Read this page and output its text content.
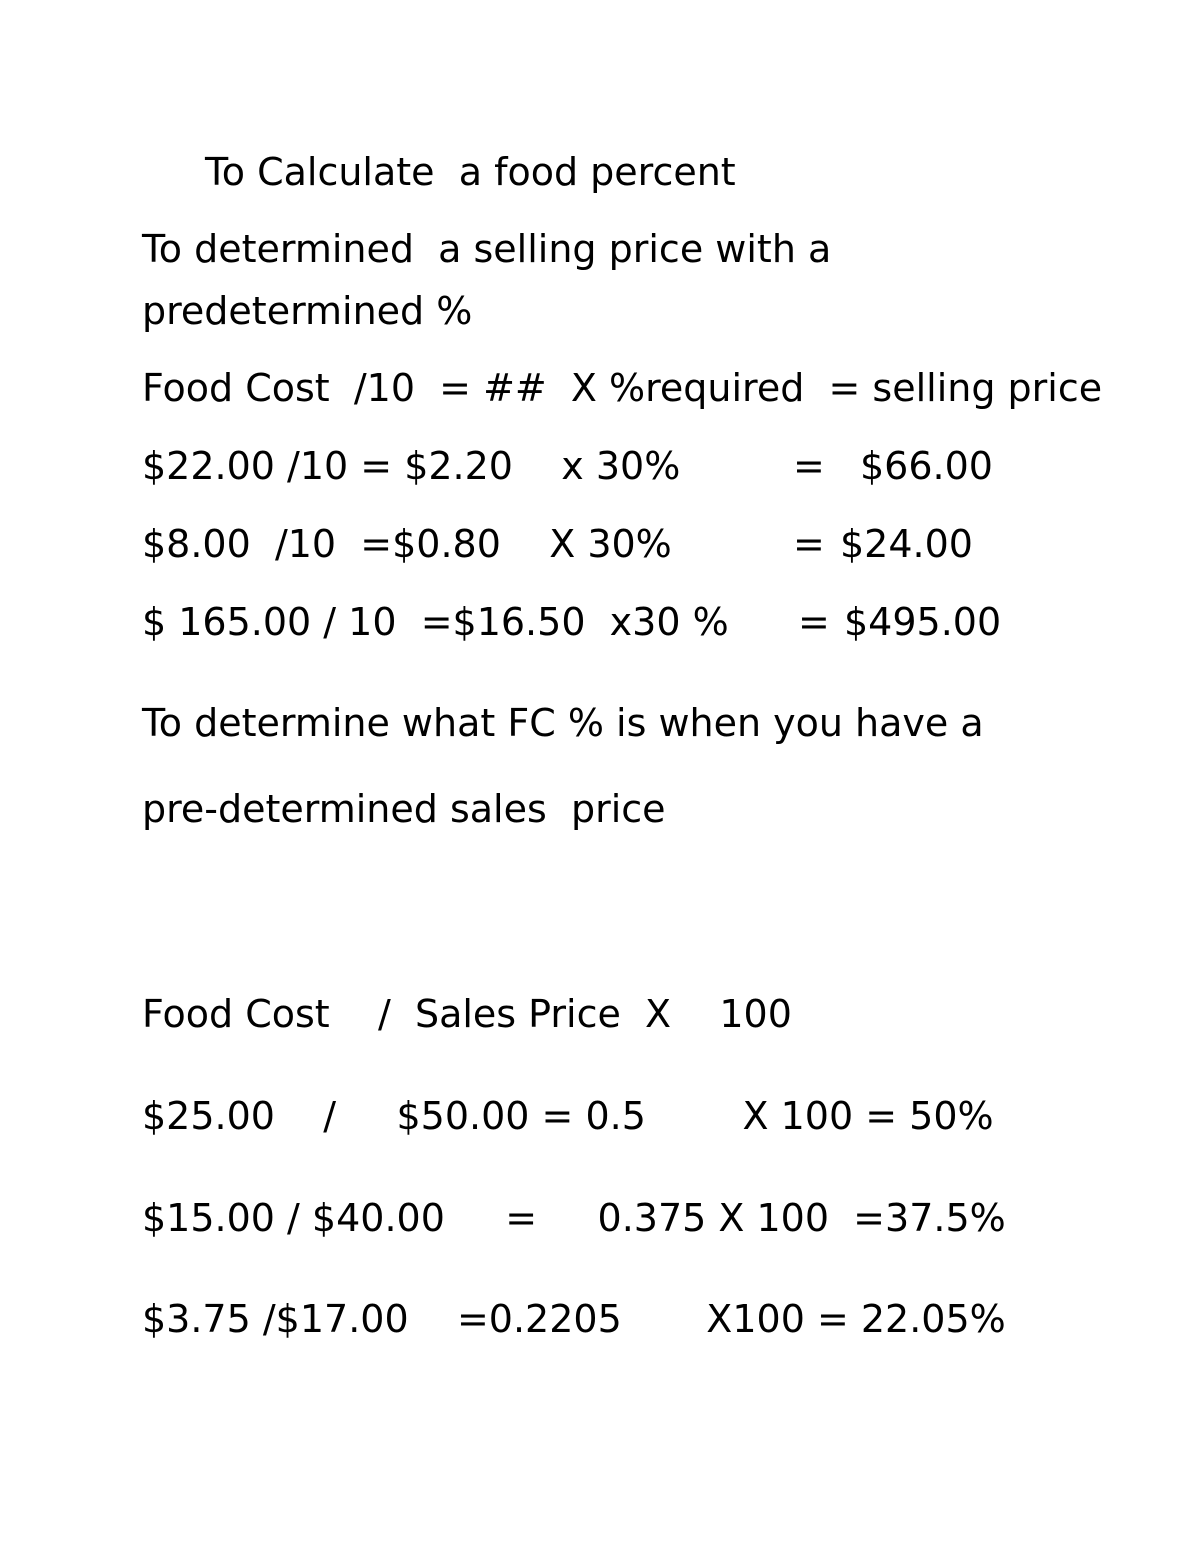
To Calculate  a food percent

To determined  a selling price with a

predetermined %

Food Cost  /10  = ##  X %required  = selling price

$22.00 /10 = $2.20    x 30%	= $66.00

$8.00  /10  =$0.80    X 30%	= $24.00

$ 165.00 / 10  =$16.50  x30 % = $495.00

To determine what FC % is when you have a

pre-determined sales  price

Food Cost    /  Sales Price  X    100

$25.00    /     $50.00 = 0.5        X 100 = 50%

$15.00 / $40.00     =     0.375 X 100  =37.5%

$3.75 /$17.00    =0.2205       X100 = 22.05%
